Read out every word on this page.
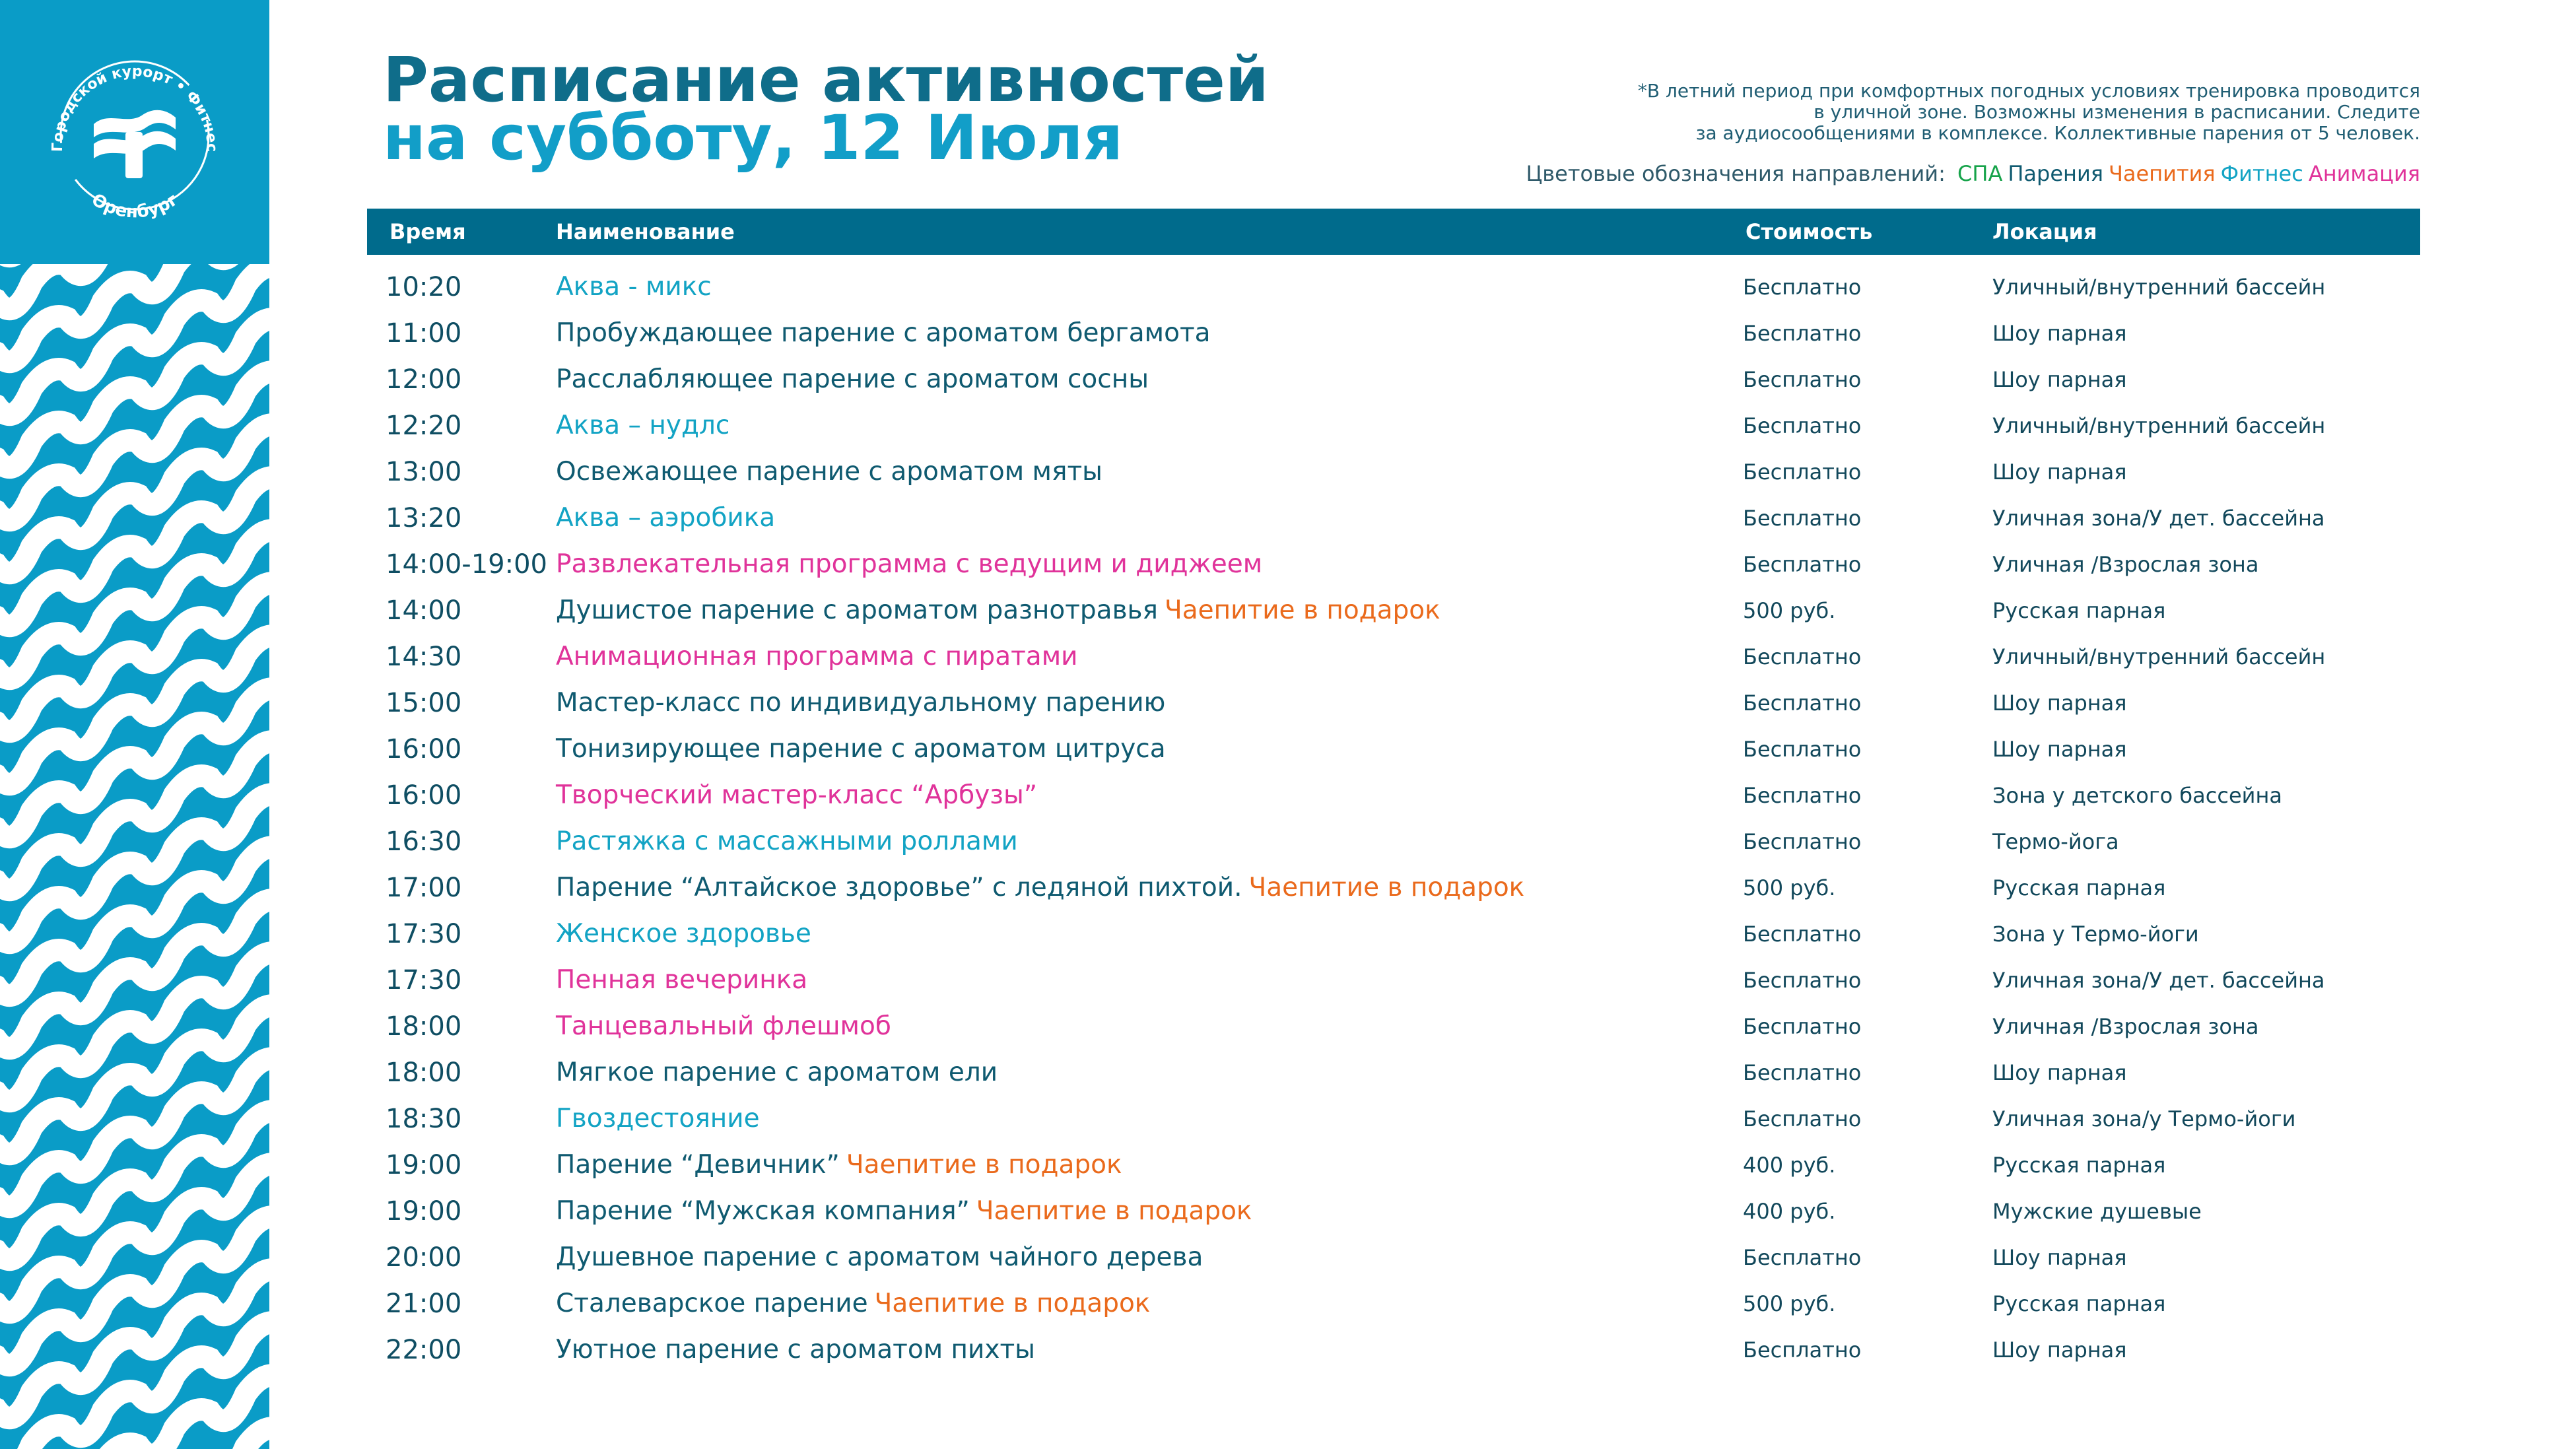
Городской курорт • Фитнес
Оренбург
Расписание активностей
на субботу, 12 Июля
*В летний период при комфортных погодных условиях тренировка проводится
в уличной зоне. Возможны изменения в расписании. Следите
за аудиосообщениями в комплексе. Коллективные парения от 5 человек.
Цветовые обозначения направлений: СПА Парения Чаепития Фитнес Анимация
Время	Наименование	Стоимость	Локация
10:20	Аква - микс	Бесплатно	Уличный/внутренний бассейн
11:00	Пробуждающее парение с ароматом бергамота	Бесплатно	Шоу парная
12:00	Расслабляющее парение с ароматом сосны	Бесплатно	Шоу парная
12:20	Аква – нудлс	Бесплатно	Уличный/внутренний бассейн
13:00	Освежающее парение с ароматом мяты	Бесплатно	Шоу парная
13:20	Аква – аэробика	Бесплатно	Уличная зона/У дет. бассейна
14:00-19:00 Развлекательная программа с ведущим и диджеем	Бесплатно	Уличная /Взрослая зона
14:00	Душистое парение с ароматом разнотравья Чаепитие в подарок	500 руб.	Русская парная
14:30	Анимационная программа с пиратами	Бесплатно	Уличный/внутренний бассейн
15:00	Мастер-класс по индивидуальному парению	Бесплатно	Шоу парная
16:00	Тонизирующее парение с ароматом цитруса	Бесплатно	Шоу парная
16:00	Творческий мастер-класс “Арбузы”	Бесплатно	Зона у детского бассейна
16:30	Растяжка с массажными роллами	Бесплатно	Термо-йога
17:00	Парение “Алтайское здоровье” с ледяной пихтой. Чаепитие в подарок	500 руб.	Русская парная
17:30	Женское здоровье	Бесплатно	Зона у Термо-йоги
17:30	Пенная вечеринка	Бесплатно	Уличная зона/У дет. бассейна
18:00	Танцевальный флешмоб	Бесплатно	Уличная /Взрослая зона
18:00	Мягкое парение с ароматом ели	Бесплатно	Шоу парная
18:30	Гвоздестояние	Бесплатно	Уличная зона/у Термо-йоги
19:00	Парение “Девичник” Чаепитие в подарок	400 руб.	Русская парная
19:00	Парение “Мужская компания” Чаепитие в подарок	400 руб.	Мужские душевые
20:00	Душевное парение с ароматом чайного дерева	Бесплатно	Шоу парная
21:00	Сталеварское парение Чаепитие в подарок	500 руб.	Русская парная
22:00	Уютное парение с ароматом пихты	Бесплатно	Шоу парная
